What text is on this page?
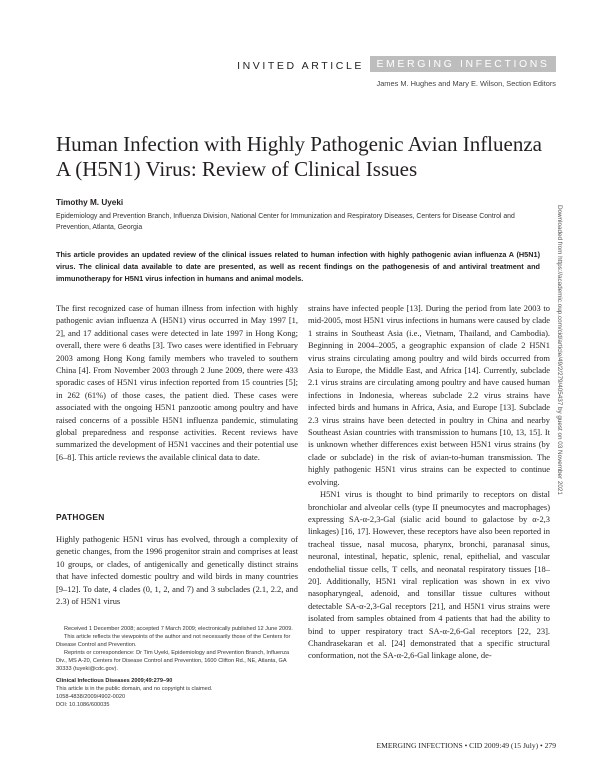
INVITED ARTICLE	EMERGING INFECTIONS
James M. Hughes and Mary E. Wilson, Section Editors
Human Infection with Highly Pathogenic Avian Influenza A (H5N1) Virus: Review of Clinical Issues
Timothy M. Uyeki
Epidemiology and Prevention Branch, Influenza Division, National Center for Immunization and Respiratory Diseases, Centers for Disease Control and Prevention, Atlanta, Georgia
This article provides an updated review of the clinical issues related to human infection with highly pathogenic avian influenza A (H5N1) virus. The clinical data available to date are presented, as well as recent findings on the pathogenesis of and antiviral treatment and immunotherapy for H5N1 virus infection in humans and animal models.

The first recognized case of human illness from infection with highly pathogenic avian influenza A (H5N1) virus occurred in May 1997 [1, 2], and 17 additional cases were detected in late 1997 in Hong Kong; overall, there were 6 deaths [3]. Two cases were identified in February 2003 among Hong Kong family members who traveled to southern China [4]. From November 2003 through 2 June 2009, there were 433 sporadic cases of H5N1 virus infection reported from 15 countries [5]; in 262 (61%) of those cases, the patient died. These cases were associated with the ongoing H5N1 panzootic among poultry and have raised concerns of a possible H5N1 influenza pandemic, stimulating global preparedness and response activities. Recent reviews have summarized the development of H5N1 vaccines and their potential use [6–8]. This article reviews the available clinical data to date.

PATHOGEN

Highly pathogenic H5N1 virus has evolved, through a complexity of genetic changes, from the 1996 progenitor strain and comprises at least 10 groups, or clades, of antigenically and genetically distinct strains that have infected domestic poultry and wild birds in many countries [9–12]. To date, 4 clades (0, 1, 2, and 7) and 3 subclades (2.1, 2.2, and 2.3) of H5N1 virus

Received 1 December 2008; accepted 7 March 2009; electronically published 12 June 2009.

This article reflects the viewpoints of the author and not necessarily those of the Centers for Disease Control and Prevention.

Reprints or correspondence: Dr Tim Uyeki, Epidemiology and Prevention Branch, Influenza Div., MS A-20, Centers for Disease Control and Prevention, 1600 Clifton Rd., NE, Atlanta, GA 30333 (tuyeki@cdc.gov).

Clinical Infectious Diseases 2009;49:279–90

This article is in the public domain, and no copyright is claimed.

1058-4838/2009/4902-0020

DOI: 10.1086/600035

strains have infected people [13]. During the period from late 2003 to mid-2005, most H5N1 virus infections in humans were caused by clade 1 strains in Southeast Asia (i.e., Vietnam, Thailand, and Cambodia). Beginning in 2004–2005, a geographic expansion of clade 2 H5N1 virus strains circulating among poultry and wild birds occurred from Asia to Europe, the Middle East, and Africa [14]. Currently, subclade 2.1 virus strains are circulating among poultry and have caused human infections in Indonesia, whereas subclade 2.2 virus strains have infected birds and humans in Africa, Asia, and Europe [13]. Subclade 2.3 virus strains have been detected in poultry in China and nearby Southeast Asian countries with transmission to humans [10, 13, 15]. It is unknown whether differences exist between H5N1 virus strains (by clade or subclade) in the risk of avian-to-human transmission. The highly pathogenic H5N1 virus strains can be expected to continue evolving.

H5N1 virus is thought to bind primarily to receptors on distal bronchiolar and alveolar cells (type II pneumocytes and macrophages) expressing SA-α-2,3-Gal (sialic acid bound to galactose by α-2,3 linkages) [16, 17]. However, these receptors have also been reported in tracheal tissue, nasal mucosa, pharynx, bronchi, paranasal sinus, neuronal, intestinal, hepatic, splenic, renal, epithelial, and vascular endothelial tissue cells, T cells, and neonatal respiratory tissues [18–20]. Additionally, H5N1 viral replication was shown in ex vivo nasopharyngeal, adenoid, and tonsillar tissue cultures without detectable SA-α-2,3-Gal receptors [21], and H5N1 virus strains were isolated from samples obtained from 4 patients that had the ability to bind to upper respiratory tract SA-α-2,6-Gal receptors [22, 23]. Chandrasekaran et al. [24] demonstrated that a specific structural conformation, not the SA-α-2,6-Gal linkage alone, de-

Downloaded from https://academic.oup.com/cid/article/49/2/279/405437 by guest on 03 November 2021
EMERGING INFECTIONS • CID 2009:49 (15 July) • 279
